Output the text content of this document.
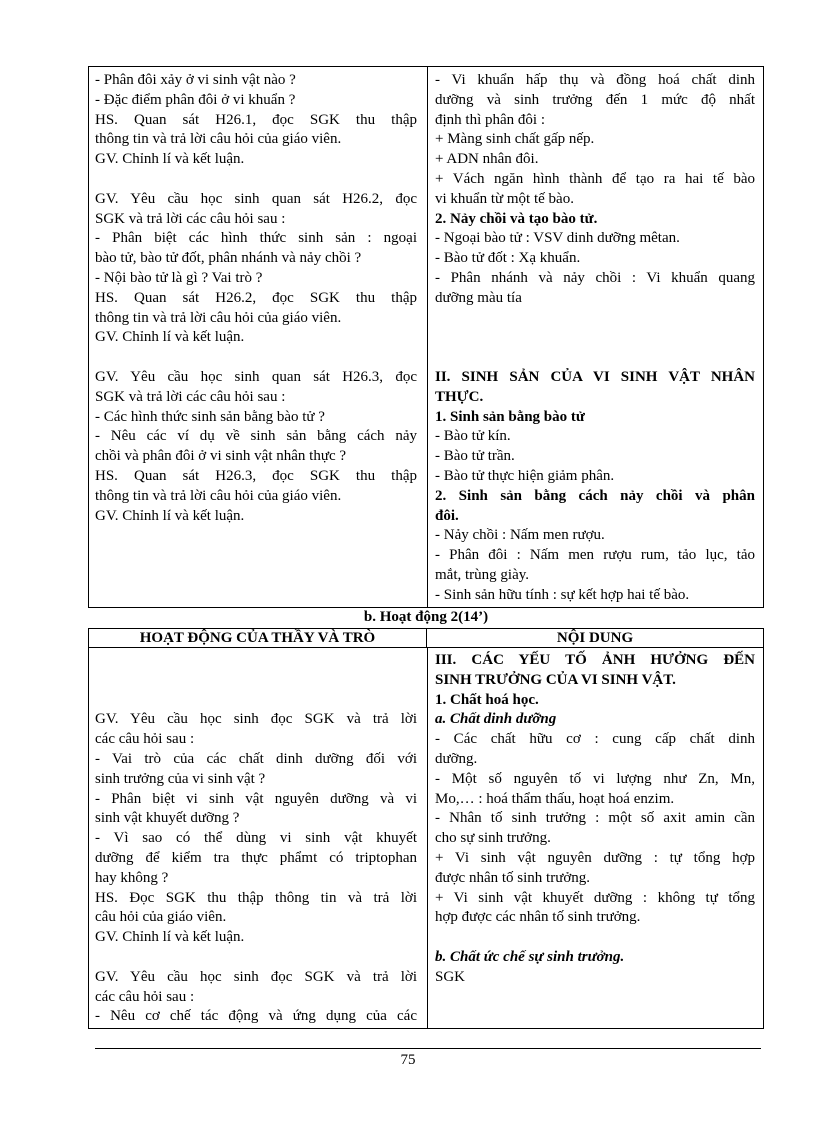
- Phân đôi xảy ở vi sinh vật nào ?
- Đặc điểm phân đôi ở vi khuẩn ?
HS. Quan sát H26.1, đọc SGK thu thập
thông tin và trả lời câu hỏi của giáo viên.
GV. Chỉnh lí và kết luận.
GV. Yêu cầu học sinh quan sát H26.2, đọc
SGK và trả lời các câu hỏi sau :
- Phân biệt các hình thức sinh sản : ngoại
bào tử, bào tử đốt, phân nhánh và nảy chồi ?
- Nội bào tử là gì ? Vai trò ?
HS. Quan sát H26.2, đọc SGK thu thập
thông tin và trả lời câu hỏi của giáo viên.
GV. Chỉnh lí và kết luận.
GV. Yêu cầu học sinh quan sát H26.3, đọc
SGK và trả lời các câu hỏi sau :
- Các hình thức sinh sản bằng bào tử ?
- Nêu các ví dụ về sinh sản bằng cách nảy
chồi và phân đôi ở vi sinh vật nhân thực ?
HS. Quan sát H26.3, đọc SGK thu thập
thông tin và trả lời câu hỏi của giáo viên.
GV. Chỉnh lí và kết luận.
- Vi khuẩn hấp thụ và đồng hoá chất dinh
dưỡng và sinh trưởng đến 1 mức độ nhất
định thì phân đôi :
+ Màng sinh chất gấp nếp.
+ ADN nhân đôi.
+ Vách ngăn hình thành để tạo ra hai tế bào
vi khuẩn từ một tế bào.
2. Nảy chồi và tạo bào tử.
- Ngoại bào tử : VSV dinh dưỡng mêtan.
- Bào tử đốt : Xạ khuẩn.
- Phân nhánh và nảy chồi : Vi khuẩn quang
dưỡng màu tía
II. SINH SẢN CỦA VI SINH VẬT NHÂN
THỰC.
1. Sinh sản bằng bào tử
- Bào tử kín.
- Bào tử trần.
- Bào tử thực hiện giảm phân.
2. Sinh sản bằng cách nảy chồi và phân
đôi.
- Nảy chồi : Nấm men rượu.
- Phân đôi : Nấm men rượu rum, tảo lục, tảo
mắt, trùng giày.
- Sinh sản hữu tính : sự kết hợp hai tế bào.
b. Hoạt động 2(14’)
HOẠT ĐỘNG CỦA THẦY VÀ TRÒ	NỘI DUNG
GV. Yêu cầu học sinh đọc SGK và trả lời
các câu hỏi sau :
- Vai trò của các chất dinh dưỡng đối với
sinh trưởng của vi sinh vật ?
- Phân biệt vi sinh vật nguyên dưỡng và vi
sinh vật khuyết dưỡng ?
- Vì sao có thể dùng vi sinh vật khuyết
dưỡng để kiểm tra thực phẩmt có triptophan
hay không ?
HS. Đọc SGK thu thập thông tin và trả lời
câu hỏi của giáo viên.
GV. Chỉnh lí và kết luận.
GV. Yêu cầu học sinh đọc SGK và trả lời
các câu hỏi sau :
- Nêu cơ chế tác động và ứng dụng của các
III. CÁC YẾU TỐ ẢNH HƯỞNG ĐẾN
SINH TRƯỞNG CỦA VI SINH VẬT.
1. Chất hoá học.
a. Chất dinh dưỡng
- Các chất hữu cơ : cung cấp chất dinh
dưỡng.
- Một số nguyên tố vi lượng như Zn, Mn,
Mo,… : hoá thẩm thấu, hoạt hoá enzim.
- Nhân tố sinh trưởng : một số axit amin cần
cho sự sinh trưởng.
+ Vi sinh vật nguyên dưỡng : tự tổng hợp
được nhân tố sinh trưởng.
+ Vi sinh vật khuyết dưỡng : không tự tổng
hợp được các nhân tố sinh trưởng.
b. Chất ức chế sự sinh trưởng.
SGK
75
